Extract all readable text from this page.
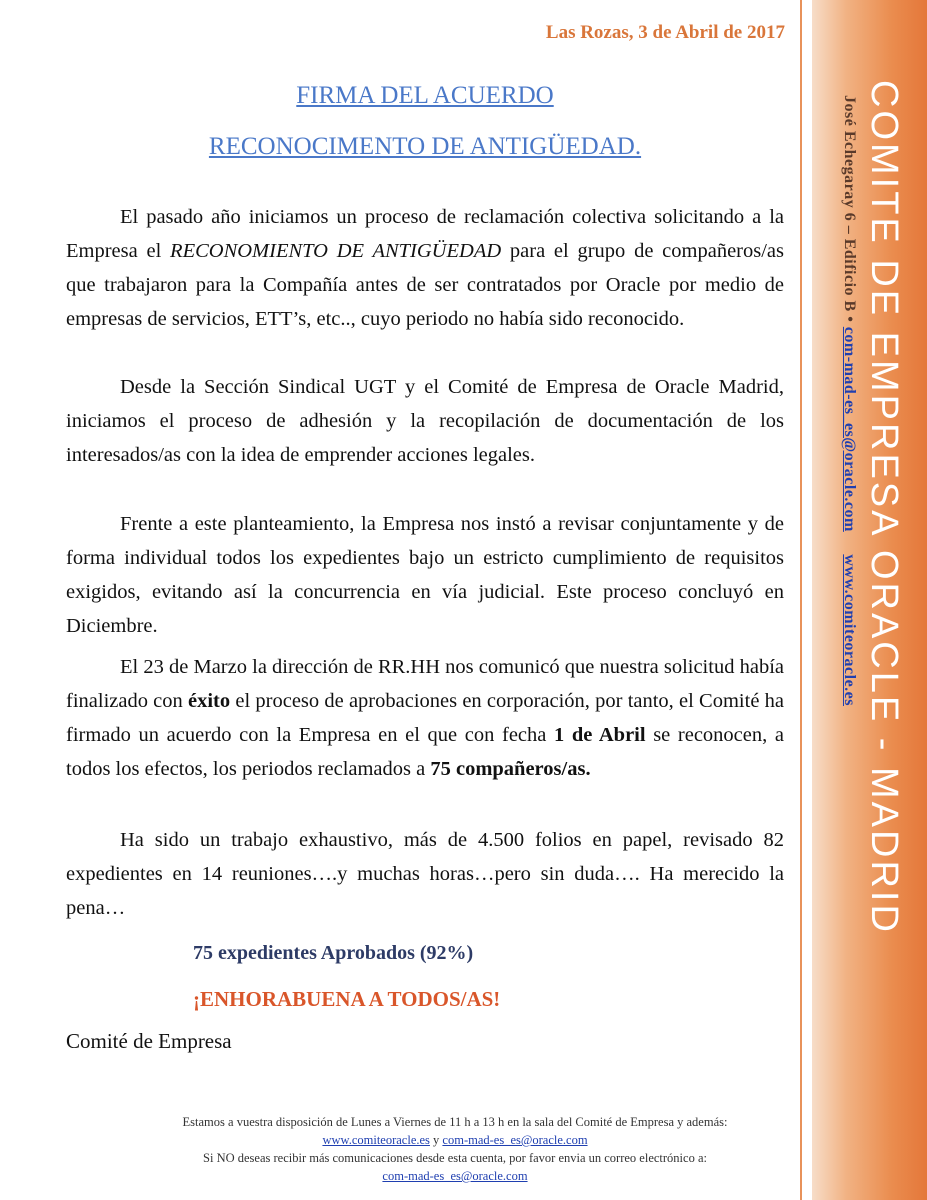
Las Rozas, 3 de Abril de 2017
COMITE DE EMPRESA ORACLE - MADRID
José Echegaray 6 – Edificio B • com-mad-es_es@oracle.com     www.comiteoracle.es
FIRMA DEL ACUERDO
RECONOCIMENTO DE ANTIGÜEDAD.
El pasado año iniciamos un proceso de reclamación colectiva solicitando a la Empresa el RECONOMIENTO DE ANTIGÜEDAD para el grupo de compañeros/as que trabajaron para la Compañía antes de ser contratados por Oracle por medio de empresas de servicios, ETT’s, etc.., cuyo periodo no había sido reconocido.
Desde la Sección Sindical UGT y el Comité de Empresa de Oracle Madrid, iniciamos el proceso de adhesión y la recopilación de documentación de los interesados/as con la idea de emprender acciones legales.
Frente a este planteamiento, la Empresa nos instó a revisar conjuntamente y de forma individual todos los expedientes bajo un estricto cumplimiento de requisitos exigidos, evitando así la concurrencia en vía judicial. Este proceso concluyó en Diciembre.
El 23 de Marzo la dirección de RR.HH nos comunicó que nuestra solicitud había finalizado con éxito el proceso de aprobaciones en corporación, por tanto, el Comité ha firmado un acuerdo con la Empresa en el que con fecha 1 de Abril se reconocen, a todos los efectos, los periodos reclamados a 75 compañeros/as.
Ha sido un trabajo exhaustivo, más de 4.500 folios en papel, revisado 82 expedientes en 14 reuniones….y muchas horas…pero sin duda…. Ha merecido la pena…
75 expedientes Aprobados (92%)
¡ENHORABUENA A TODOS/AS!
Comité de Empresa
Estamos a vuestra disposición de Lunes a Viernes de 11 h a 13 h en la sala del Comité de Empresa y además:
www.comiteoracle.es y com-mad-es_es@oracle.com
Si NO deseas recibir más comunicaciones desde esta cuenta, por favor envia un correo electrónico a:
com-mad-es_es@oracle.com
